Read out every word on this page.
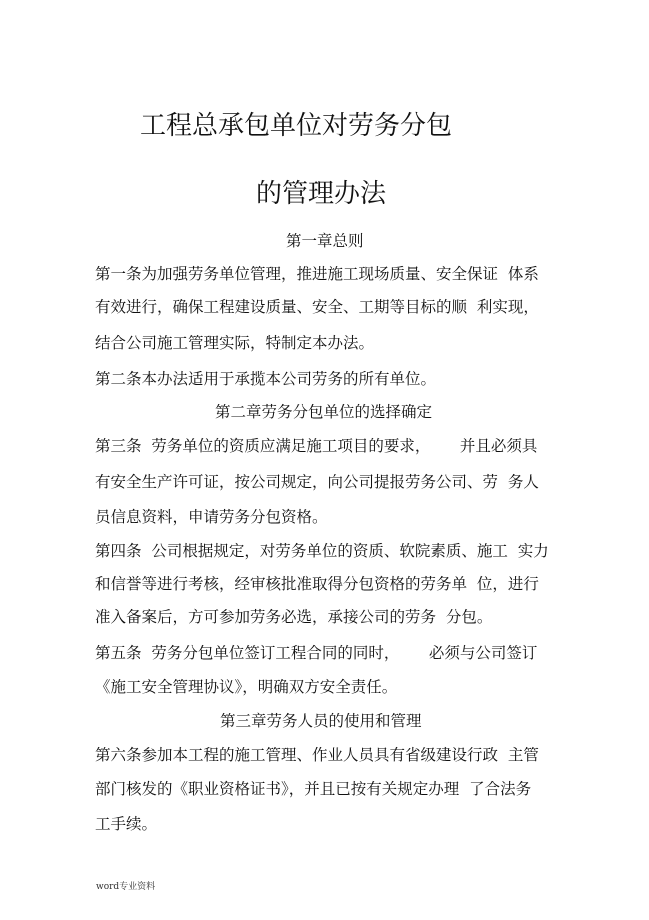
工程总承包单位对劳务分包
的管理办法
第一章总则
第一条为加强劳务单位管理，推进施工现场质量、安全保证  体系
有效进行，确保工程建设质量、安全、工期等目标的顺  利实现，
结合公司施工管理实际，特制定本办法。
第二条本办法适用于承揽本公司劳务的所有单位。
第二章劳务分包单位的选择确定
第三条  劳务单位的资质应满足施工项目的要求，      并且必须具
有安全生产许可证，按公司规定，向公司提报劳务公司、劳  务人
员信息资料，申请劳务分包资格。
第四条  公司根据规定，对劳务单位的资质、软院素质、施工  实力
和信誉等进行考核，经审核批准取得分包资格的劳务单  位，进行
准入备案后，方可参加劳务必选，承接公司的劳务  分包。
第五条  劳务分包单位签订工程合同的同时，      必须与公司签订
《施工安全管理协议》，明确双方安全责任。
第三章劳务人员的使用和管理
第六条参加本工程的施工管理、作业人员具有省级建设行政  主管
部门核发的《职业资格证书》，并且已按有关规定办理  了合法务
工手续。
word专业资料
